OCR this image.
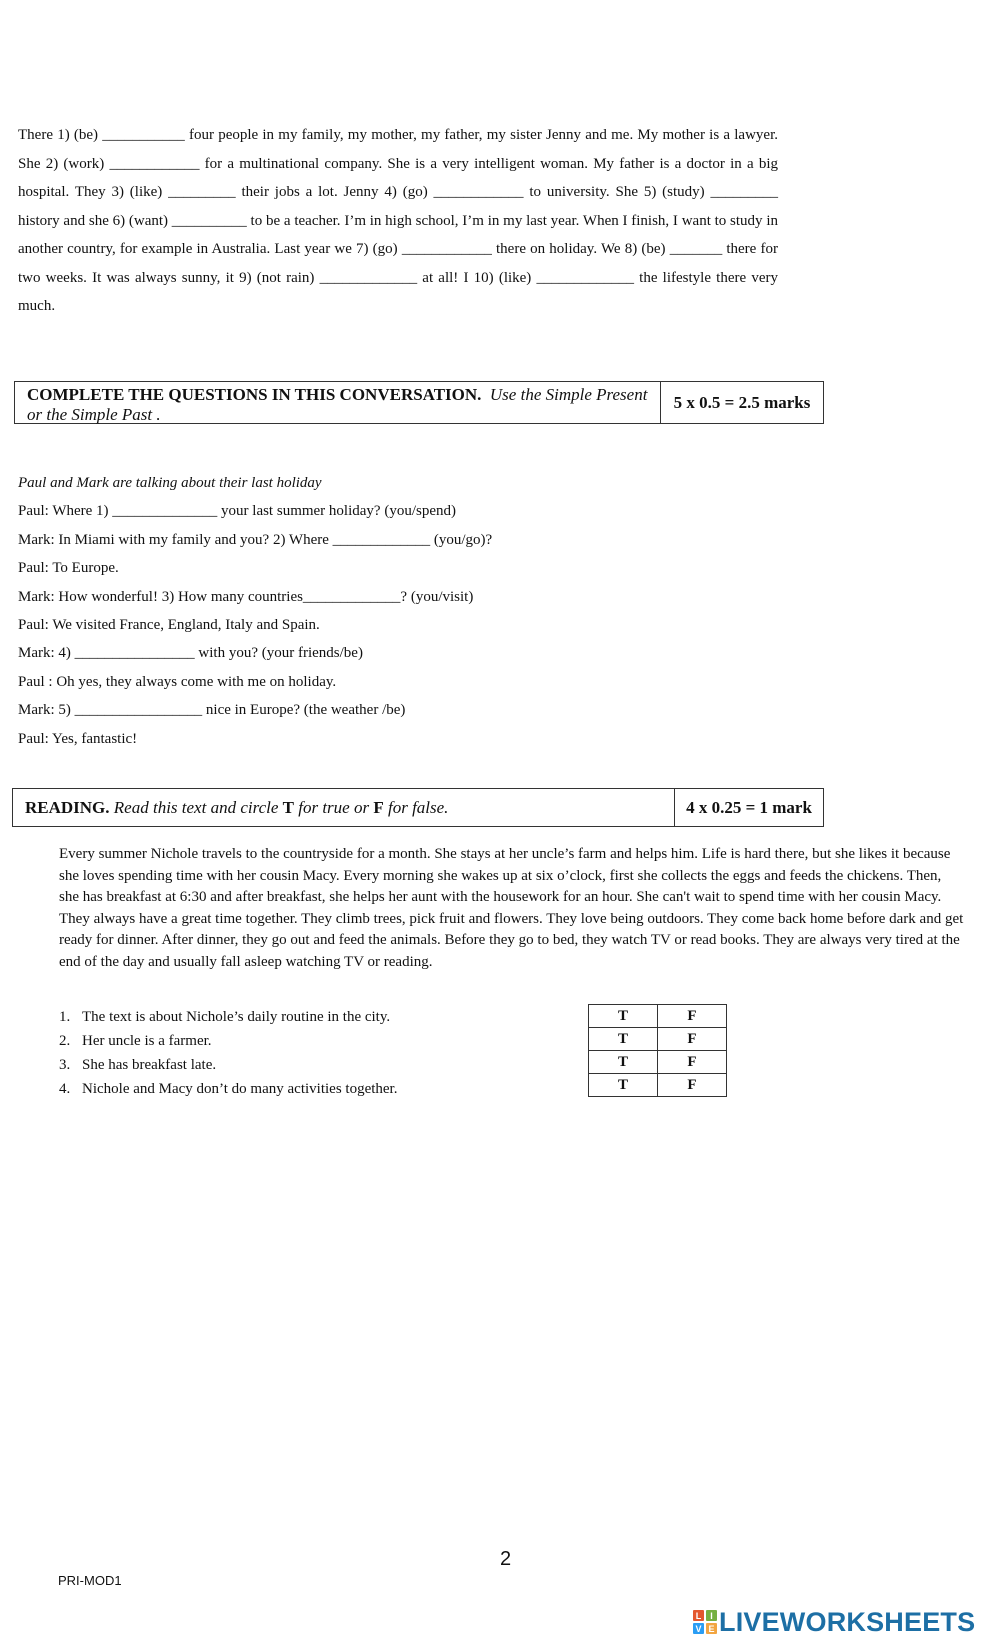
There 1) (be) ___________ four people in my family, my mother, my father, my sister Jenny and me. My mother is a lawyer. She 2) (work) ____________ for a multinational company. She is a very intelligent woman. My father is a doctor in a big hospital. They 3) (like) _________ their jobs a lot. Jenny 4) (go) ____________ to university. She 5) (study) _________ history and she 6) (want) __________ to be a teacher. I’m in high school, I’m in my last year. When I finish, I want to study in another country, for example in Australia. Last year we 7) (go) ____________ there on holiday. We 8) (be) _______ there for two weeks. It was always sunny, it 9) (not rain) _____________ at all! I 10) (like) _____________ the lifestyle there very much.

COMPLETE THE QUESTIONS IN THIS CONVERSATION. Use the Simple Present or the Simple Past .
5 x 0.5 = 2.5 marks
Paul and Mark are talking about their last holiday
Paul: Where 1) ______________ your last summer holiday? (you/spend)
Mark: In Miami with my family and you? 2) Where _____________ (you/go)?
Paul: To Europe.
Mark: How wonderful! 3) How many countries_____________? (you/visit)
Paul: We visited France, England, Italy and Spain.
Mark: 4) ________________ with you? (your friends/be)
Paul : Oh yes, they always come with me on holiday.
Mark: 5) _________________ nice in Europe? (the weather /be)
Paul: Yes, fantastic!
READING. Read this text and circle T for true or F for false.	4 x 0.25 = 1 mark

Every summer Nichole travels to the countryside for a month. She stays at her uncle’s farm and helps him. Life is hard there, but she likes it because she loves spending time with her cousin Macy. Every morning she wakes up at six o’clock, first she collects the eggs and feeds the chickens. Then, she has breakfast at 6:30 and after breakfast, she helps her aunt with the housework for an hour. She can't wait to spend time with her cousin Macy. They always have a great time together. They climb trees, pick fruit and flowers. They love being outdoors. They come back home before dark and get ready for dinner. After dinner, they go out and feed the animals. Before they go to bed, they watch TV or read books. They are always very tired at the end of the day and usually fall asleep watching TV or reading.

1. The text is about Nichole’s daily routine in the city.
2. Her uncle is a farmer.
3. She has breakfast late.
4. Nichole and Macy don’t do many activities together.
T	F
T	F
T	F
T	F
2
PRI-MOD1
L I
V E LIVEWORKSHEETS
